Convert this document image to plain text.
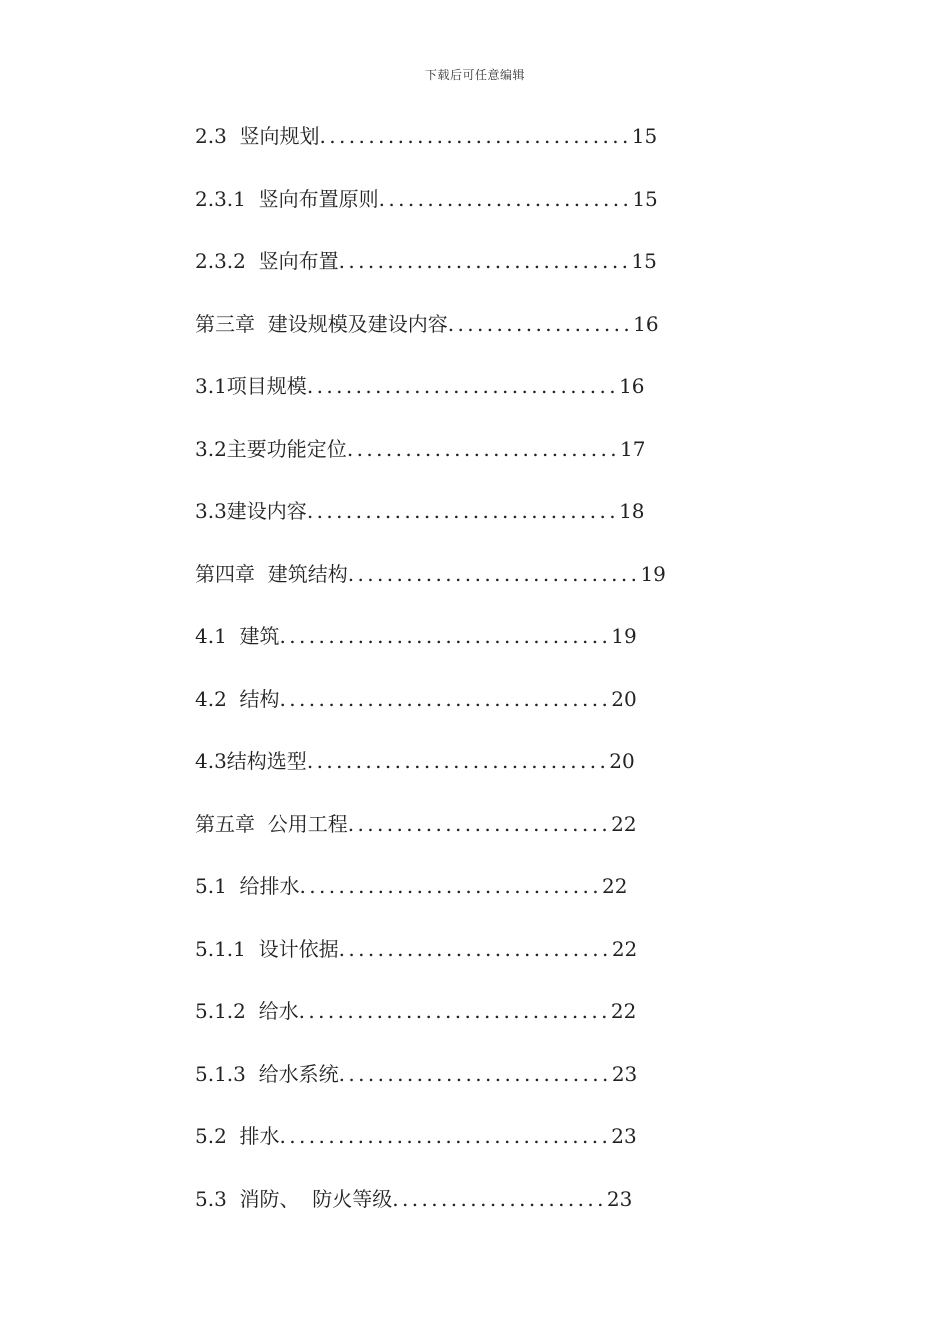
下载后可任意编辑
2.3  竖向规划 ................................ 15
2.3.1  竖向布置原则 .......................... 15
2.3.2  竖向布置 .............................. 15
第三章  建设规模及建设内容 ................... 16
3.1项目规模 ................................ 16
3.2主要功能定位 ............................ 17
3.3建设内容 ................................ 18
第四章  建筑结构 .............................. 19
4.1  建筑 .................................. 19
4.2  结构 .................................. 20
4.3结构选型 ............................... 20
第五章  公用工程 ........................... 22
5.1  给排水 ............................... 22
5.1.1  设计依据 ............................ 22
5.1.2  给水 ................................ 22
5.1.3  给水系统 ............................ 23
5.2  排水 .................................. 23
5.3  消防、  防火等级 ...................... 23
